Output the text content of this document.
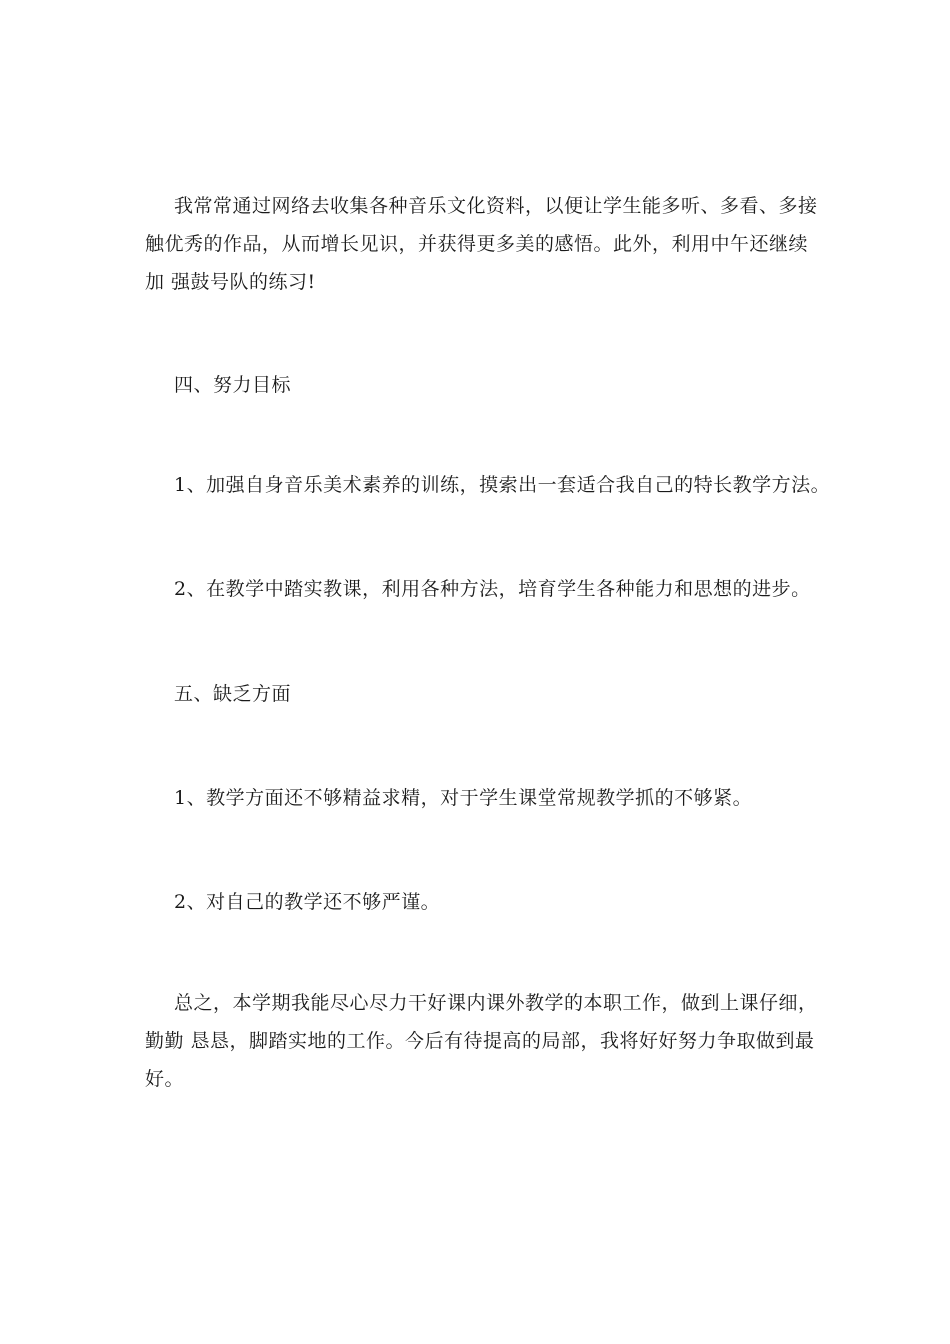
我常常通过网络去收集各种音乐文化资料，以便让学生能多听、多看、多接
触优秀的作品，从而增长见识，并获得更多美的感悟。此外，利用中午还继续
加 强鼓号队的练习!

四、努力目标

1、加强自身音乐美术素养的训练，摸索出一套适合我自己的特长教学方法。

2、在教学中踏实教课，利用各种方法，培育学生各种能力和思想的进步。

五、缺乏方面

1、教学方面还不够精益求精，对于学生课堂常规教学抓的不够紧。

2、对自己的教学还不够严谨。

总之，本学期我能尽心尽力干好课内课外教学的本职工作，做到上课仔细，
勤勤 恳恳，脚踏实地的工作。今后有待提高的局部，我将好好努力争取做到最
好。
